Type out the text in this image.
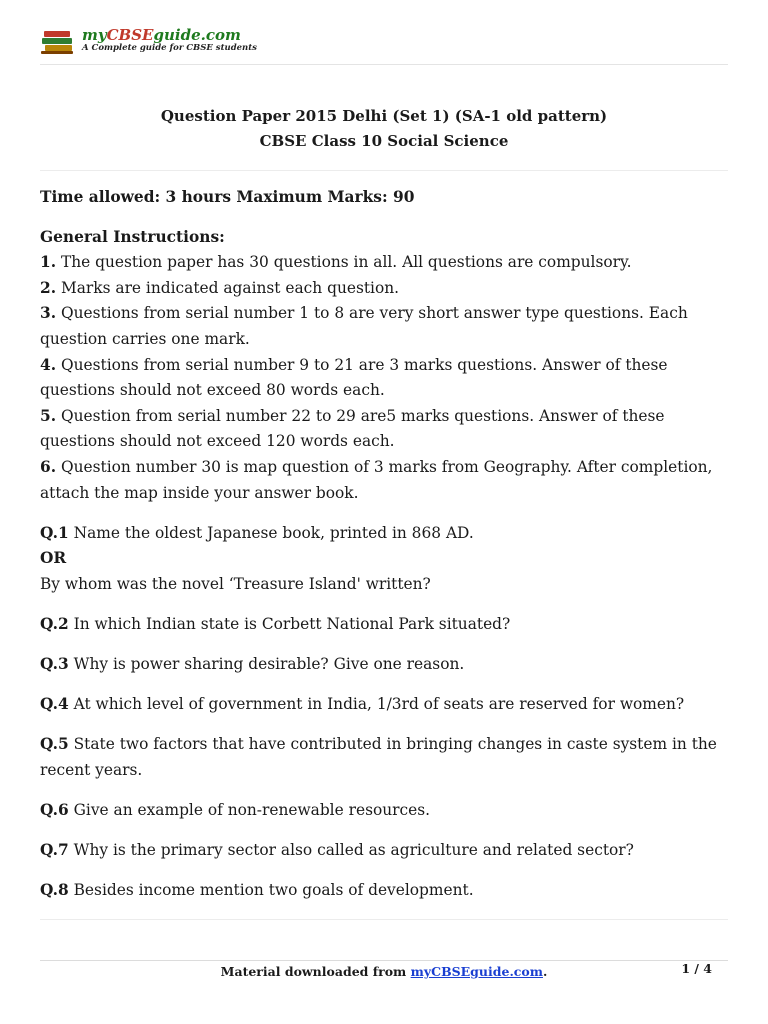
myCBSEguide.com
A Complete guide for CBSE students
Question Paper 2015 Delhi (Set 1) (SA-1 old pattern)
CBSE Class 10 Social Science

Time allowed: 3 hours Maximum Marks: 90

General Instructions:

1. The question paper has 30 questions in all. All questions are compulsory.

2. Marks are indicated against each question.

3. Questions from serial number 1 to 8 are very short answer type questions. Each question carries one mark.

4. Questions from serial number 9 to 21 are 3 marks questions. Answer of these questions should not exceed 80 words each.

5. Question from serial number 22 to 29 are5 marks questions. Answer of these questions should not exceed 120 words each.

6. Question number 30 is map question of 3 marks from Geography. After completion, attach the map inside your answer book.

Q.1 Name the oldest Japanese book, printed in 868 AD.

OR

By whom was the novel ‘Treasure Island' written?

Q.2 In which Indian state is Corbett National Park situated?

Q.3 Why is power sharing desirable? Give one reason.

Q.4 At which level of government in India, 1/3rd of seats are reserved for women?

Q.5 State two factors that have contributed in bringing changes in caste system in the recent years.

Q.6 Give an example of non-renewable resources.

Q.7 Why is the primary sector also called as agriculture and related sector?

Q.8 Besides income mention two goals of development.

Material downloaded from myCBSEguide.com.	1 / 4
